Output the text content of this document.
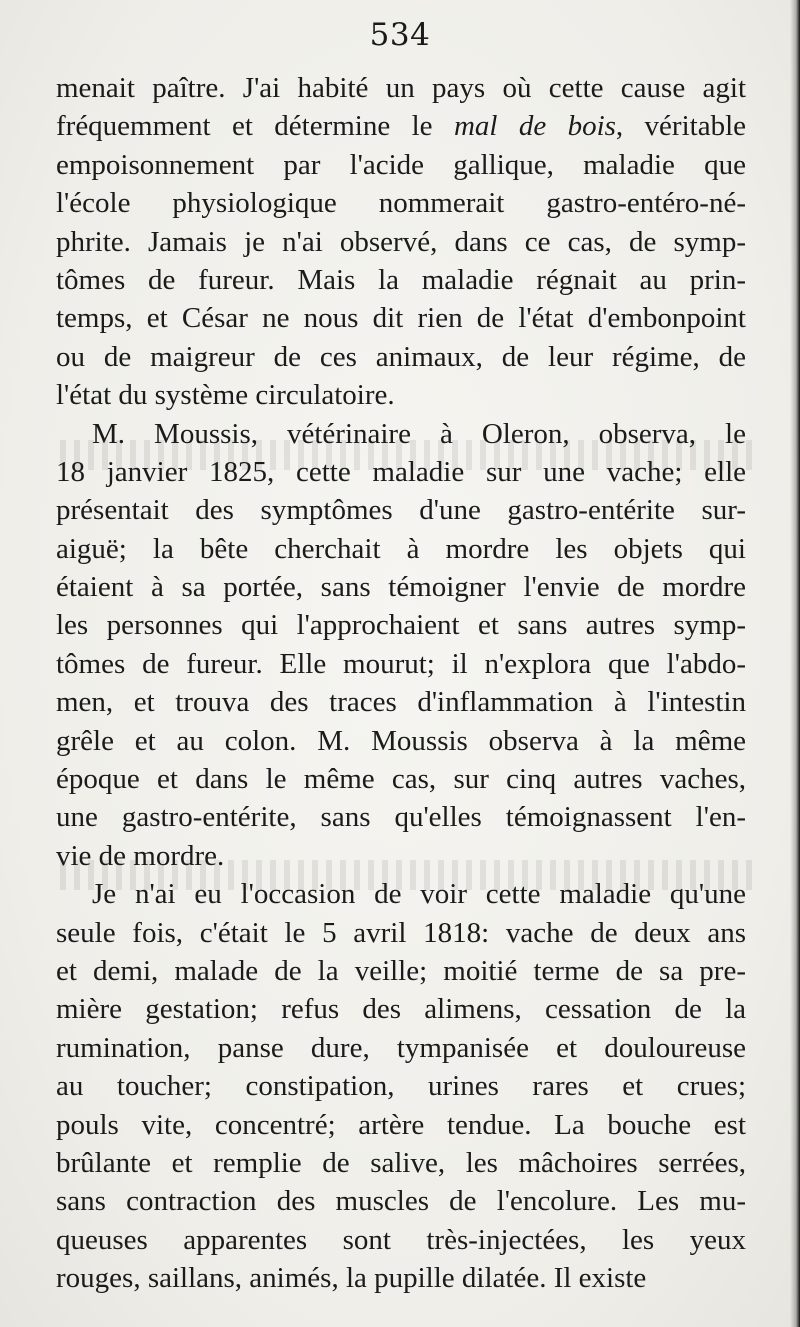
534
menait paître. J'ai habité un pays où cette cause agit
fréquemment et détermine le mal de bois, véritable
empoisonnement par l'acide gallique, maladie que
l'école physiologique nommerait gastro-entéro-né-
phrite. Jamais je n'ai observé, dans ce cas, de symp-
tômes de fureur. Mais la maladie régnait au prin-
temps, et César ne nous dit rien de l'état d'embonpoint
ou de maigreur de ces animaux, de leur régime, de
l'état du système circulatoire.
M. Moussis, vétérinaire à Oleron, observa, le
18 janvier 1825, cette maladie sur une vache; elle
présentait des symptômes d'une gastro-entérite sur-
aiguë; la bête cherchait à mordre les objets qui
étaient à sa portée, sans témoigner l'envie de mordre
les personnes qui l'approchaient et sans autres symp-
tômes de fureur. Elle mourut; il n'explora que l'abdo-
men, et trouva des traces d'inflammation à l'intestin
grêle et au colon. M. Moussis observa à la même
époque et dans le même cas, sur cinq autres vaches,
une gastro-entérite, sans qu'elles témoignassent l'en-
vie de mordre.
Je n'ai eu l'occasion de voir cette maladie qu'une
seule fois, c'était le 5 avril 1818: vache de deux ans
et demi, malade de la veille; moitié terme de sa pre-
mière gestation; refus des alimens, cessation de la
rumination, panse dure, tympanisée et douloureuse
au toucher; constipation, urines rares et crues;
pouls vite, concentré; artère tendue. La bouche est
brûlante et remplie de salive, les mâchoires serrées,
sans contraction des muscles de l'encolure. Les mu-
queuses apparentes sont très-injectées, les yeux
rouges, saillans, animés, la pupille dilatée. Il existe
